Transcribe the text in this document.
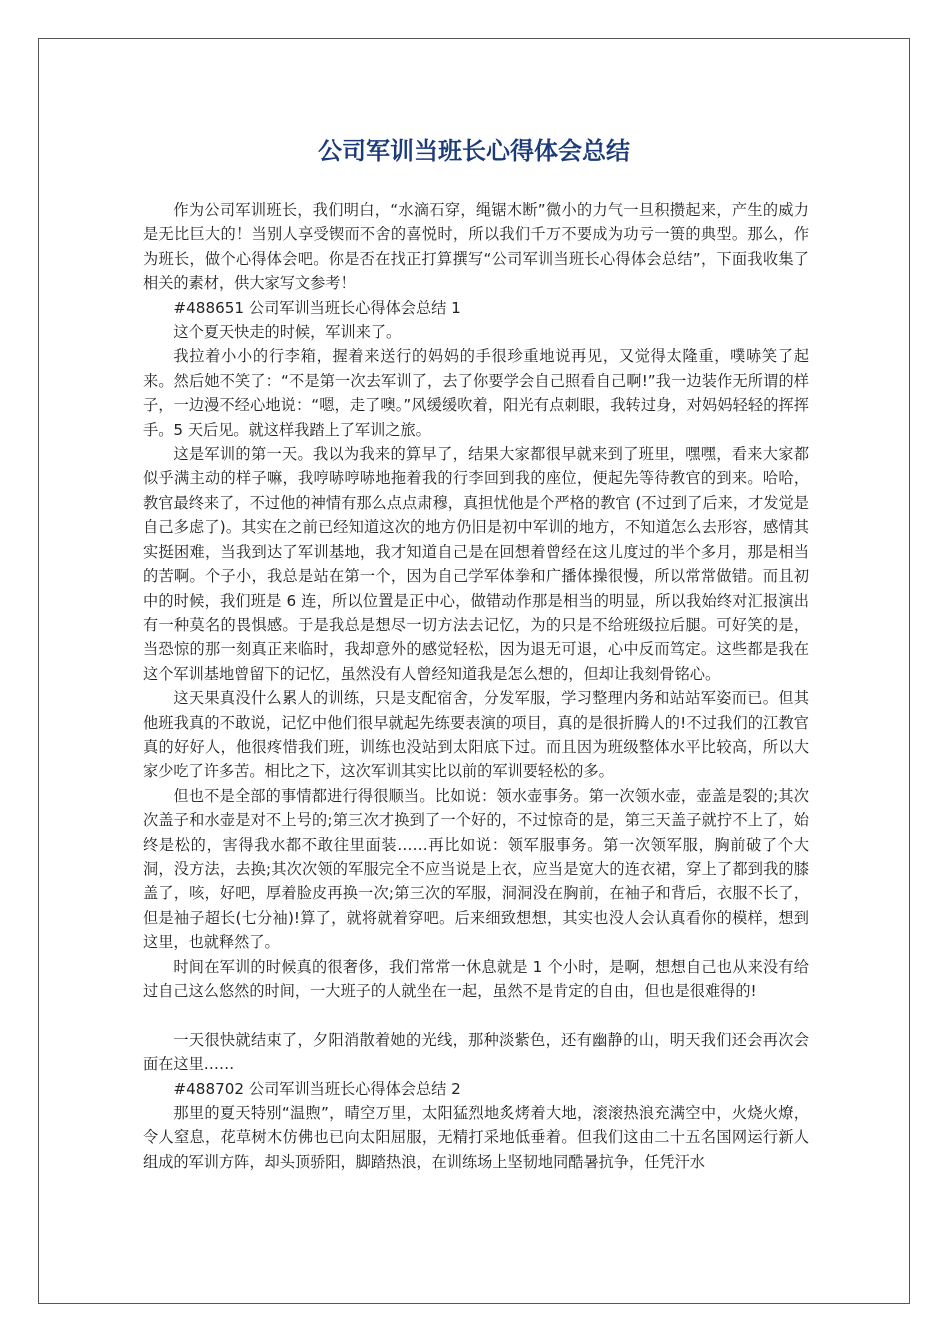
公司军训当班长心得体会总结

作为公司军训班长，我们明白，“水滴石穿，绳锯木断”微小的力气一旦积攒起来，产生的威力是无比巨大的！当别人享受锲而不舍的喜悦时，所以我们千万不要成为功亏一篑的典型。那么，作为班长，做个心得体会吧。你是否在找正打算撰写“公司军训当班长心得体会总结”，下面我收集了相关的素材，供大家写文参考！

#488651 公司军训当班长心得体会总结 1

这个夏天快走的时候，军训来了。

我拉着小小的行李箱，握着来送行的妈妈的手很珍重地说再见，又觉得太隆重，噗哧笑了起来。然后她不笑了：“不是第一次去军训了，去了你要学会自己照看自己啊!”我一边装作无所谓的样子，一边漫不经心地说：“嗯，走了噢。”风缓缓吹着，阳光有点刺眼，我转过身，对妈妈轻轻的挥挥手。5 天后见。就这样我踏上了军训之旅。

这是军训的第一天。我以为我来的算早了，结果大家都很早就来到了班里，嘿嘿，看来大家都似乎满主动的样子嘛，我哼哧哼哧地拖着我的行李回到我的座位，便起先等待教官的到来。哈哈，教官最终来了，不过他的神情有那么点点肃穆，真担忧他是个严格的教官 (不过到了后来，才发觉是自己多虑了)。其实在之前已经知道这次的地方仍旧是初中军训的地方，不知道怎么去形容，感情其实挺困难，当我到达了军训基地，我才知道自己是在回想着曾经在这儿度过的半个多月，那是相当的苦啊。个子小，我总是站在第一个，因为自己学军体拳和广播体操很慢，所以常常做错。而且初中的时候，我们班是 6 连，所以位置是正中心，做错动作那是相当的明显，所以我始终对汇报演出有一种莫名的畏惧感。于是我总是想尽一切方法去记忆，为的只是不给班级拉后腿。可好笑的是，当恐惊的那一刻真正来临时，我却意外的感觉轻松，因为退无可退，心中反而笃定。这些都是我在这个军训基地曾留下的记忆，虽然没有人曾经知道我是怎么想的，但却让我刻骨铭心。

这天果真没什么累人的训练，只是支配宿舍，分发军服，学习整理内务和站站军姿而已。但其他班我真的不敢说，记忆中他们很早就起先练要表演的项目，真的是很折腾人的!不过我们的江教官真的好好人，他很疼惜我们班，训练也没站到太阳底下过。而且因为班级整体水平比较高，所以大家少吃了许多苦。相比之下，这次军训其实比以前的军训要轻松的多。

但也不是全部的事情都进行得很顺当。比如说：领水壶事务。第一次领水壶，壶盖是裂的;其次次盖子和水壶是对不上号的;第三次才换到了一个好的，不过惊奇的是，第三天盖子就拧不上了，始终是松的，害得我水都不敢往里面装……再比如说：领军服事务。第一次领军服，胸前破了个大洞，没方法，去换;其次次领的军服完全不应当说是上衣，应当是宽大的连衣裙，穿上了都到我的膝盖了，咳，好吧，厚着脸皮再换一次;第三次的军服，洞洞没在胸前，在袖子和背后，衣服不长了，但是袖子超长(七分袖)!算了，就将就着穿吧。后来细致想想，其实也没人会认真看你的模样，想到这里，也就释然了。

时间在军训的时候真的很奢侈，我们常常一休息就是 1 个小时，是啊，想想自己也从来没有给过自己这么悠然的时间，一大班子的人就坐在一起，虽然不是肯定的自由，但也是很难得的!

一天很快就结束了，夕阳消散着她的光线，那种淡紫色，还有幽静的山，明天我们还会再次会面在这里……

#488702 公司军训当班长心得体会总结 2

那里的夏天特别“温煦”，晴空万里，太阳猛烈地炙烤着大地，滚滚热浪充满空中，火烧火燎，令人窒息，花草树木仿佛也已向太阳屈服，无精打采地低垂着。但我们这由二十五名国网运行新人组成的军训方阵，却头顶骄阳，脚踏热浪，在训练场上坚韧地同酷暑抗争，任凭汗水
